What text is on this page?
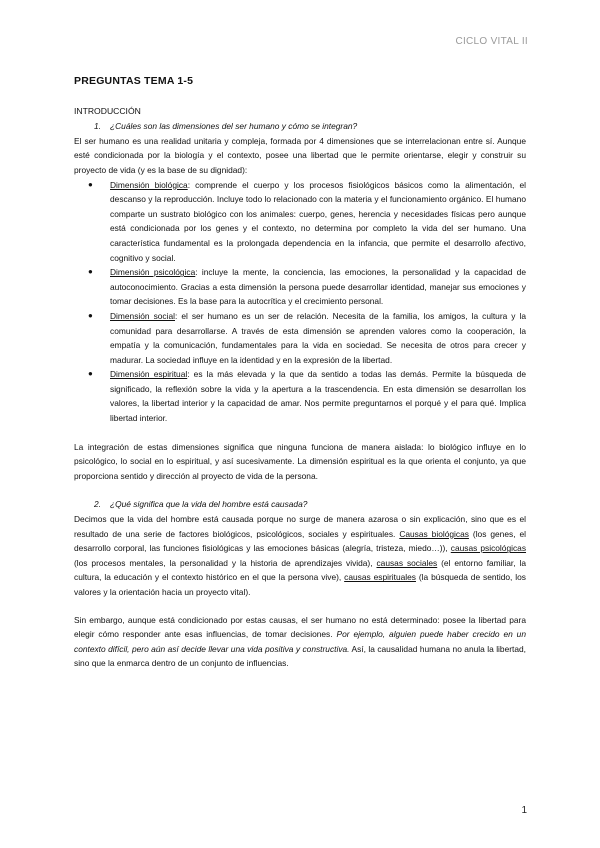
CICLO VITAL II
PREGUNTAS TEMA 1-5
INTRODUCCIÓN
1. ¿Cuáles son las dimensiones del ser humano y cómo se integran?

El ser humano es una realidad unitaria y compleja, formada por 4 dimensiones que se interrelacionan entre sí. Aunque esté condicionada por la biología y el contexto, posee una libertad que le permite orientarse, elegir y construir su proyecto de vida (y es la base de su dignidad):

● Dimensión biológica: comprende el cuerpo y los procesos fisiológicos básicos como la alimentación, el descanso y la reproducción. Incluye todo lo relacionado con la materia y el funcionamiento orgánico. El humano comparte un sustrato biológico con los animales: cuerpo, genes, herencia y necesidades físicas pero aunque está condicionada por los genes y el contexto, no determina por completo la vida del ser humano. Una característica fundamental es la prolongada dependencia en la infancia, que permite el desarrollo afectivo, cognitivo y social.
● Dimensión psicológica: incluye la mente, la conciencia, las emociones, la personalidad y la capacidad de autoconocimiento. Gracias a esta dimensión la persona puede desarrollar identidad, manejar sus emociones y tomar decisiones. Es la base para la autocrítica y el crecimiento personal.
● Dimensión social: el ser humano es un ser de relación. Necesita de la familia, los amigos, la cultura y la comunidad para desarrollarse. A través de esta dimensión se aprenden valores como la cooperación, la empatía y la comunicación, fundamentales para la vida en sociedad. Se necesita de otros para crecer y madurar. La sociedad influye en la identidad y en la expresión de la libertad.
● Dimensión espiritual: es la más elevada y la que da sentido a todas las demás. Permite la búsqueda de significado, la reflexión sobre la vida y la apertura a la trascendencia. En esta dimensión se desarrollan los valores, la libertad interior y la capacidad de amar. Nos permite preguntarnos el porqué y el para qué. Implica libertad interior.

La integración de estas dimensiones significa que ninguna funciona de manera aislada: lo biológico influye en lo psicológico, lo social en lo espiritual, y así sucesivamente. La dimensión espiritual es la que orienta el conjunto, ya que proporciona sentido y dirección al proyecto de vida de la persona.

2. ¿Qué significa que la vida del hombre está causada?

Decimos que la vida del hombre está causada porque no surge de manera azarosa o sin explicación, sino que es el resultado de una serie de factores biológicos, psicológicos, sociales y espirituales. Causas biológicas (los genes, el desarrollo corporal, las funciones fisiológicas y las emociones básicas (alegría, tristeza, miedo…)), causas psicológicas (los procesos mentales, la personalidad y la historia de aprendizajes vivida), causas sociales (el entorno familiar, la cultura, la educación y el contexto histórico en el que la persona vive), causas espirituales (la búsqueda de sentido, los valores y la orientación hacia un proyecto vital).

Sin embargo, aunque está condicionado por estas causas, el ser humano no está determinado: posee la libertad para elegir cómo responder ante esas influencias, de tomar decisiones. Por ejemplo, alguien puede haber crecido en un contexto difícil, pero aún así decide llevar una vida positiva y constructiva. Así, la causalidad humana no anula la libertad, sino que la enmarca dentro de un conjunto de influencias.

1
